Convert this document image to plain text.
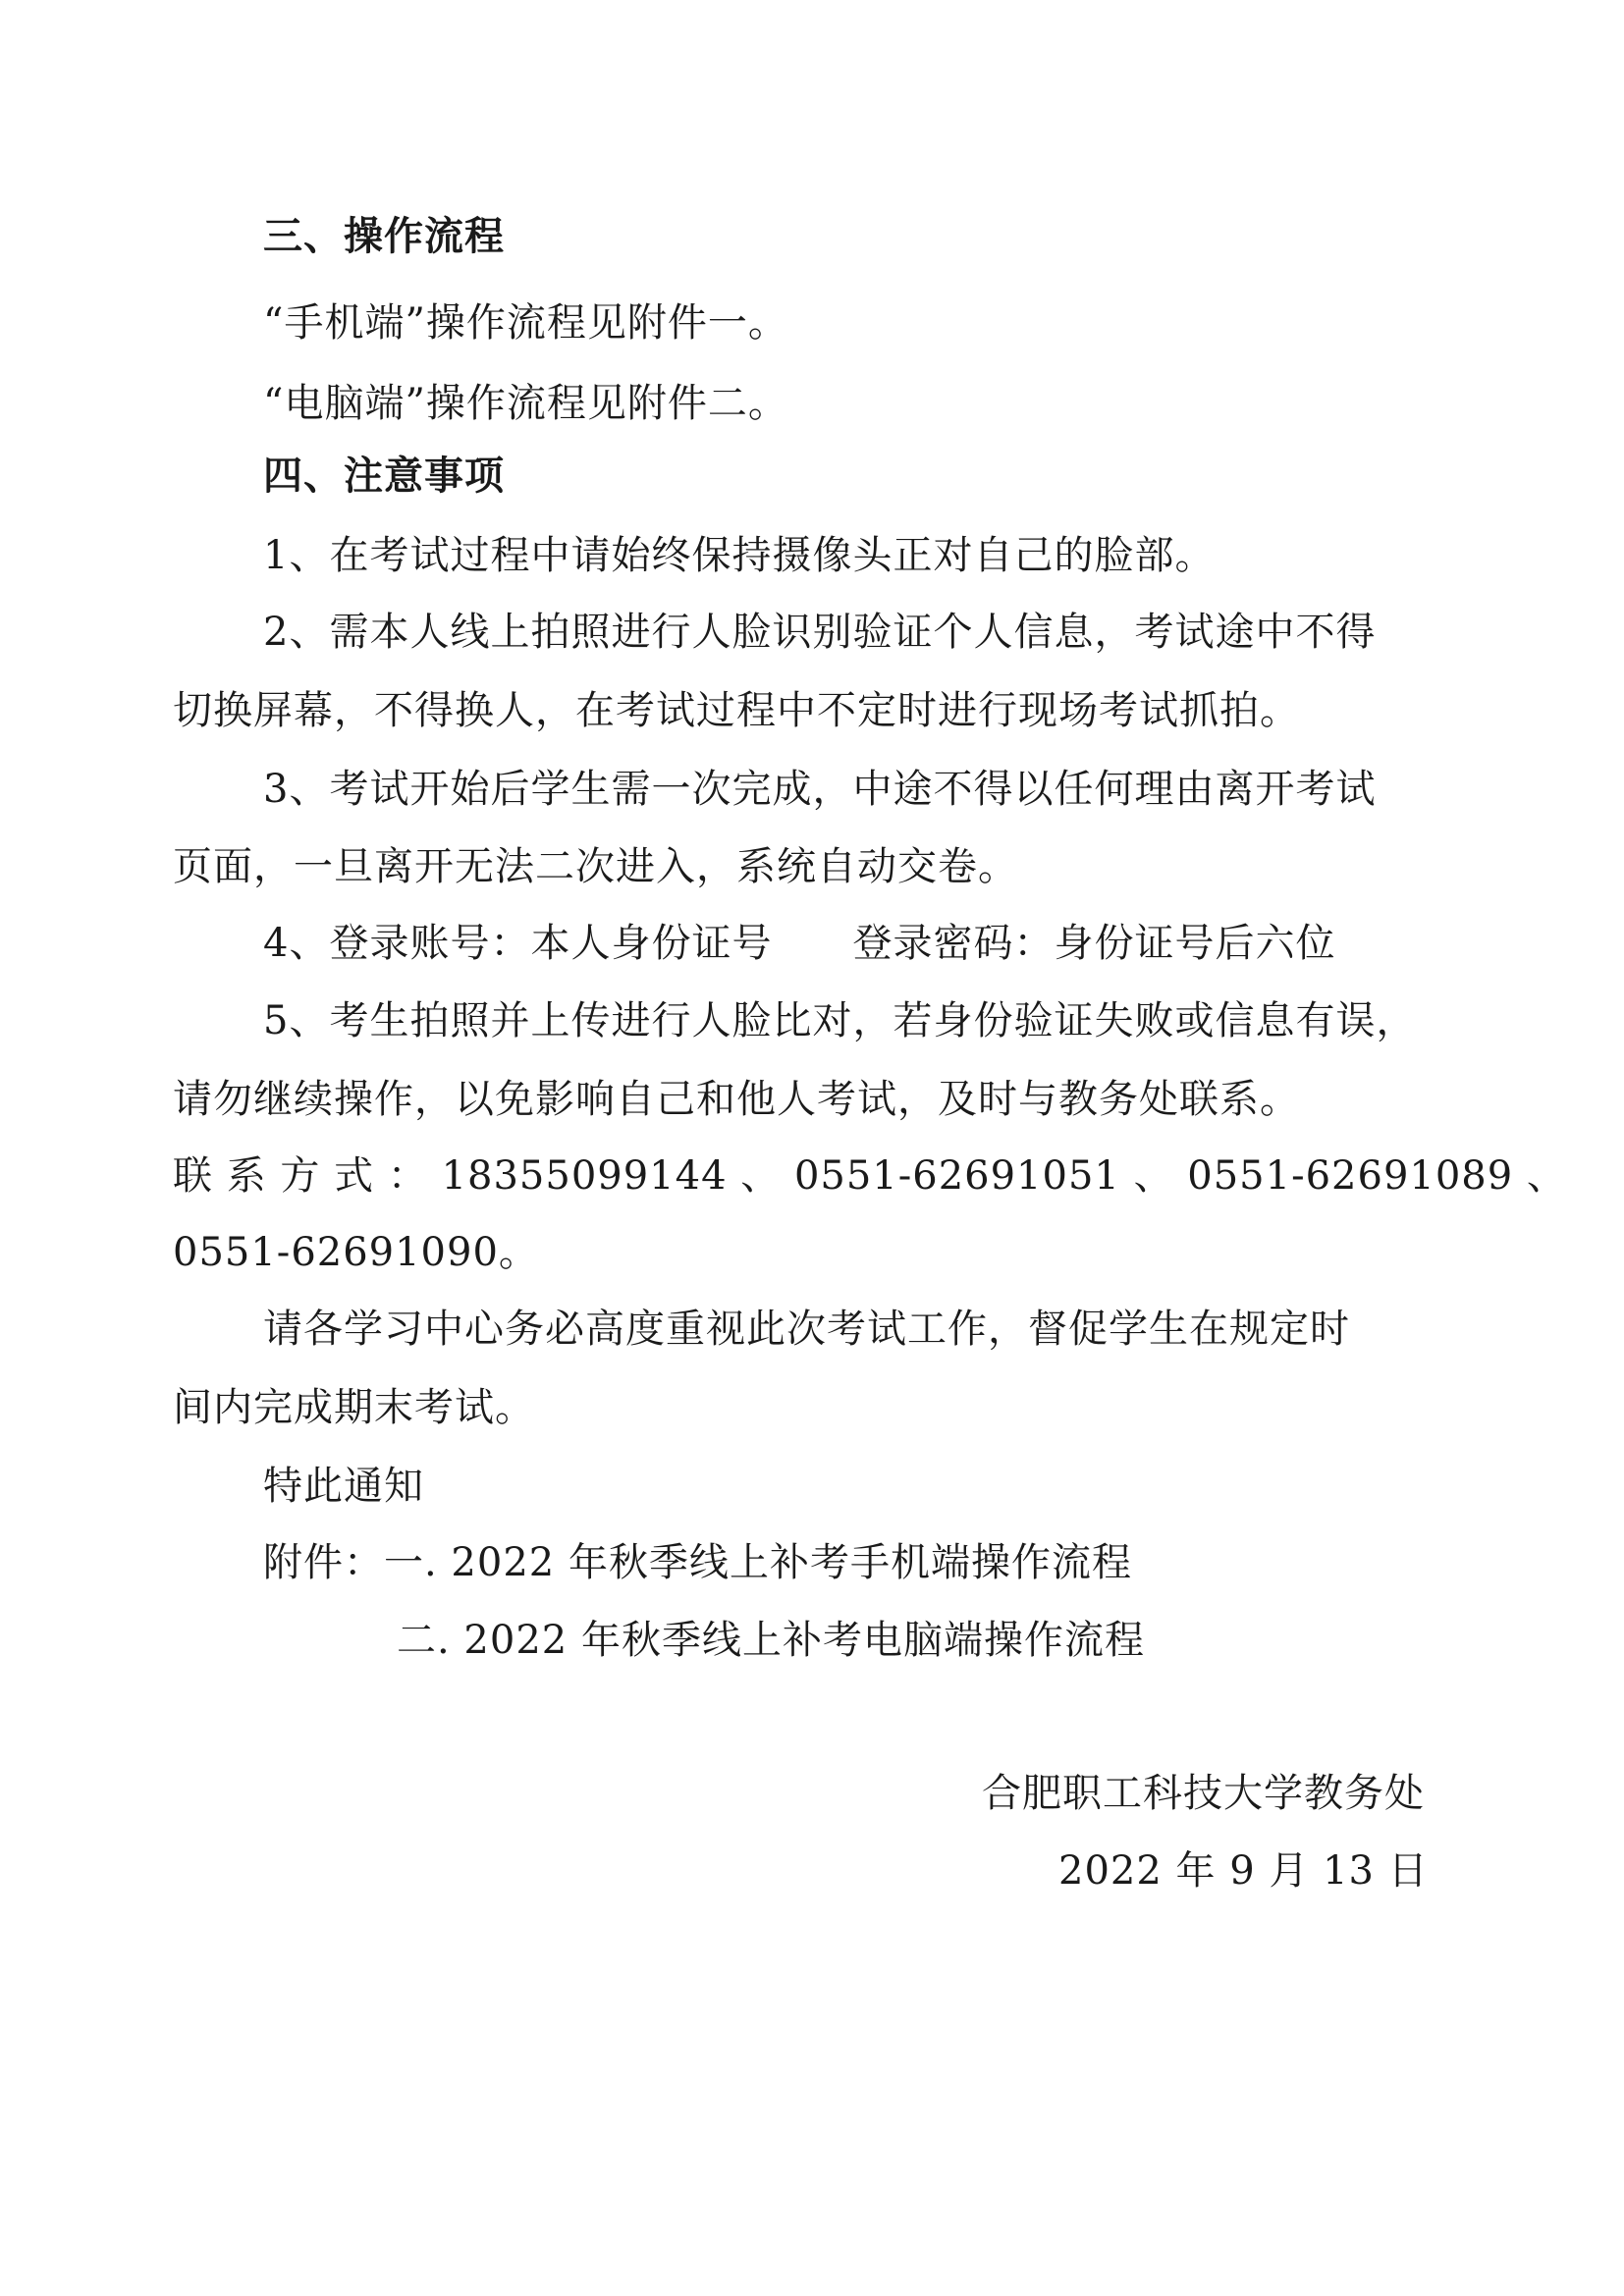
三、操作流程
“手机端”操作流程见附件一。
“电脑端”操作流程见附件二。
四、注意事项
1、在考试过程中请始终保持摄像头正对自己的脸部。
2、需本人线上拍照进行人脸识别验证个人信息，考试途中不得
切换屏幕，不得换人，在考试过程中不定时进行现场考试抓拍。
3、考试开始后学生需一次完成，中途不得以任何理由离开考试
页面，一旦离开无法二次进入，系统自动交卷。
4、登录账号：本人身份证号　　登录密码：身份证号后六位
5、考生拍照并上传进行人脸比对，若身份验证失败或信息有误，
请勿继续操作，以免影响自己和他人考试，及时与教务处联系。
联 系 方 式 ： 18355099144 、 0551-62691051 、 0551-62691089 、
0551-62691090。
请各学习中心务必高度重视此次考试工作，督促学生在规定时
间内完成期末考试。
特此通知
附件：一. 2022 年秋季线上补考手机端操作流程
二. 2022 年秋季线上补考电脑端操作流程
合肥职工科技大学教务处
2022 年 9 月 13 日
